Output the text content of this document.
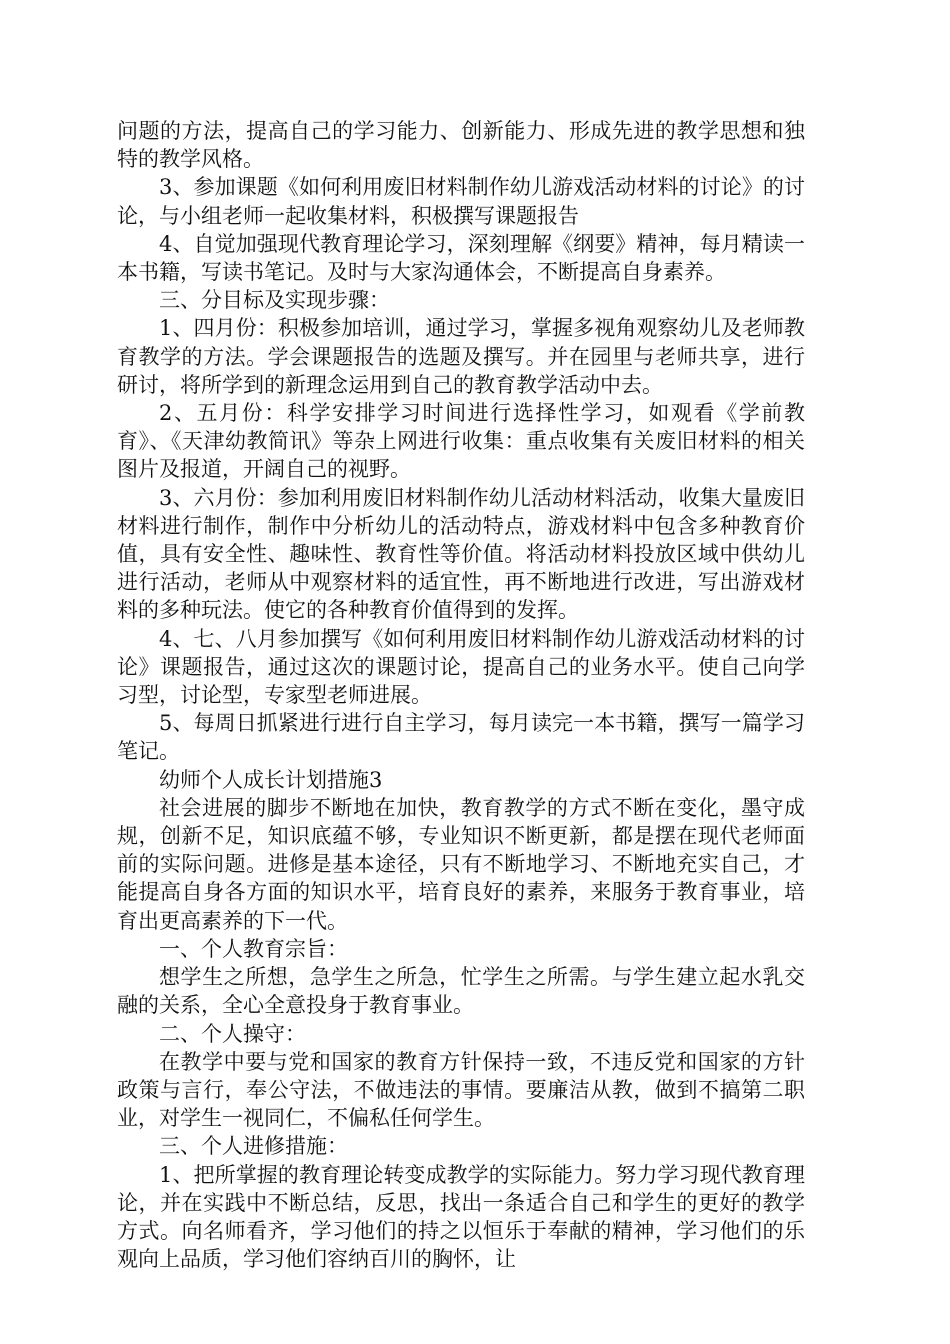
问题的方法，提高自己的学习能力、创新能力、形成先进的教学思想和独特的教学风格。

3、参加课题《如何利用废旧材料制作幼儿游戏活动材料的讨论》的讨论，与小组老师一起收集材料，积极撰写课题报告

4、自觉加强现代教育理论学习，深刻理解《纲要》精神，每月精读一本书籍，写读书笔记。及时与大家沟通体会，不断提高自身素养。

三、分目标及实现步骤：

1、四月份：积极参加培训，通过学习，掌握多视角观察幼儿及老师教育教学的方法。学会课题报告的选题及撰写。并在园里与老师共享，进行研讨，将所学到的新理念运用到自己的教育教学活动中去。

2、五月份：科学安排学习时间进行选择性学习，如观看《学前教育》、《天津幼教简讯》等杂上网进行收集：重点收集有关废旧材料的相关图片及报道，开阔自己的视野。

3、六月份：参加利用废旧材料制作幼儿活动材料活动，收集大量废旧材料进行制作，制作中分析幼儿的活动特点，游戏材料中包含多种教育价值，具有安全性、趣味性、教育性等价值。将活动材料投放区域中供幼儿进行活动，老师从中观察材料的适宜性，再不断地进行改进，写出游戏材料的多种玩法。使它的各种教育价值得到的发挥。

4、七、八月参加撰写《如何利用废旧材料制作幼儿游戏活动材料的讨论》课题报告，通过这次的课题讨论，提高自己的业务水平。使自己向学习型，讨论型，专家型老师进展。

5、每周日抓紧进行进行自主学习，每月读完一本书籍，撰写一篇学习笔记。

幼师个人成长计划措施3

社会进展的脚步不断地在加快，教育教学的方式不断在变化，墨守成规，创新不足，知识底蕴不够，专业知识不断更新，都是摆在现代老师面前的实际问题。进修是基本途径，只有不断地学习、不断地充实自己，才能提高自身各方面的知识水平，培育良好的素养，来服务于教育事业，培育出更高素养的下一代。

一、个人教育宗旨：

想学生之所想，急学生之所急，忙学生之所需。与学生建立起水乳交融的关系，全心全意投身于教育事业。

二、个人操守：

在教学中要与党和国家的教育方针保持一致，不违反党和国家的方针政策与言行，奉公守法，不做违法的事情。要廉洁从教，做到不搞第二职业，对学生一视同仁，不偏私任何学生。

三、个人进修措施：

1、把所掌握的教育理论转变成教学的实际能力。努力学习现代教育理论，并在实践中不断总结，反思，找出一条适合自己和学生的更好的教学方式。向名师看齐，学习他们的持之以恒乐于奉献的精神，学习他们的乐观向上品质，学习他们容纳百川的胸怀，让
